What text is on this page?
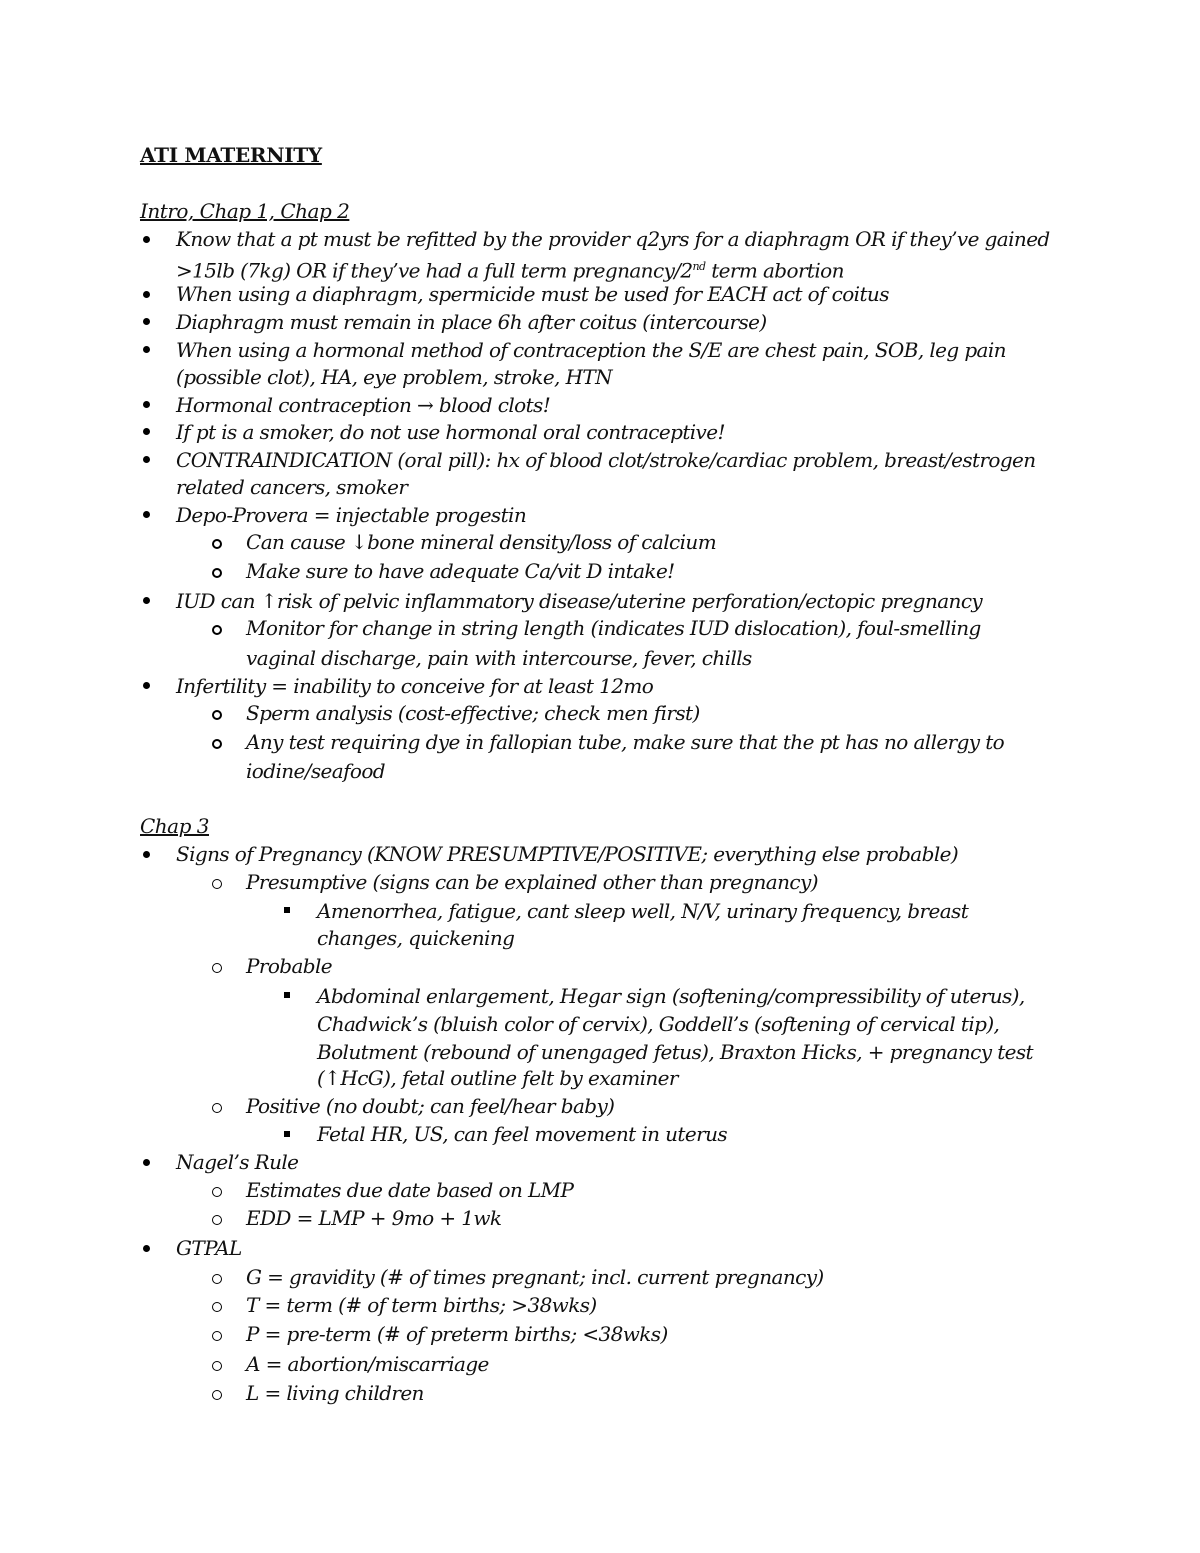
ATI MATERNITY
Intro, Chap 1, Chap 2
Know that a pt must be refitted by the provider q2yrs for a diaphragm OR if they’ve gained
>15lb (7kg) OR if they’ve had a full term pregnancy/2nd term abortion
When using a diaphragm, spermicide must be used for EACH act of coitus
Diaphragm must remain in place 6h after coitus (intercourse)
When using a hormonal method of contraception the S/E are chest pain, SOB, leg pain
(possible clot), HA, eye problem, stroke, HTN
Hormonal contraception → blood clots!
If pt is a smoker, do not use hormonal oral contraceptive!
CONTRAINDICATION (oral pill): hx of blood clot/stroke/cardiac problem, breast/estrogen
related cancers, smoker
Depo-Provera = injectable progestin
Can cause ↓bone mineral density/loss of calcium
Make sure to have adequate Ca/vit D intake!
IUD can ↑risk of pelvic inflammatory disease/uterine perforation/ectopic pregnancy
Monitor for change in string length (indicates IUD dislocation), foul-smelling
vaginal discharge, pain with intercourse, fever, chills
Infertility = inability to conceive for at least 12mo
Sperm analysis (cost-effective; check men first)
Any test requiring dye in fallopian tube, make sure that the pt has no allergy to
iodine/seafood
Chap 3
Signs of Pregnancy (KNOW PRESUMPTIVE/POSITIVE; everything else probable)
Presumptive (signs can be explained other than pregnancy)
Amenorrhea, fatigue, cant sleep well, N/V, urinary frequency, breast
changes, quickening
Probable
Abdominal enlargement, Hegar sign (softening/compressibility of uterus),
Chadwick’s (bluish color of cervix), Goddell’s (softening of cervical tip),
Bolutment (rebound of unengaged fetus), Braxton Hicks, + pregnancy test
(↑HcG), fetal outline felt by examiner
Positive (no doubt; can feel/hear baby)
Fetal HR, US, can feel movement in uterus
Nagel’s Rule
Estimates due date based on LMP
EDD = LMP + 9mo + 1wk
GTPAL
G = gravidity (# of times pregnant; incl. current pregnancy)
T = term (# of term births; >38wks)
P = pre-term (# of preterm births; <38wks)
A = abortion/miscarriage
L = living children
